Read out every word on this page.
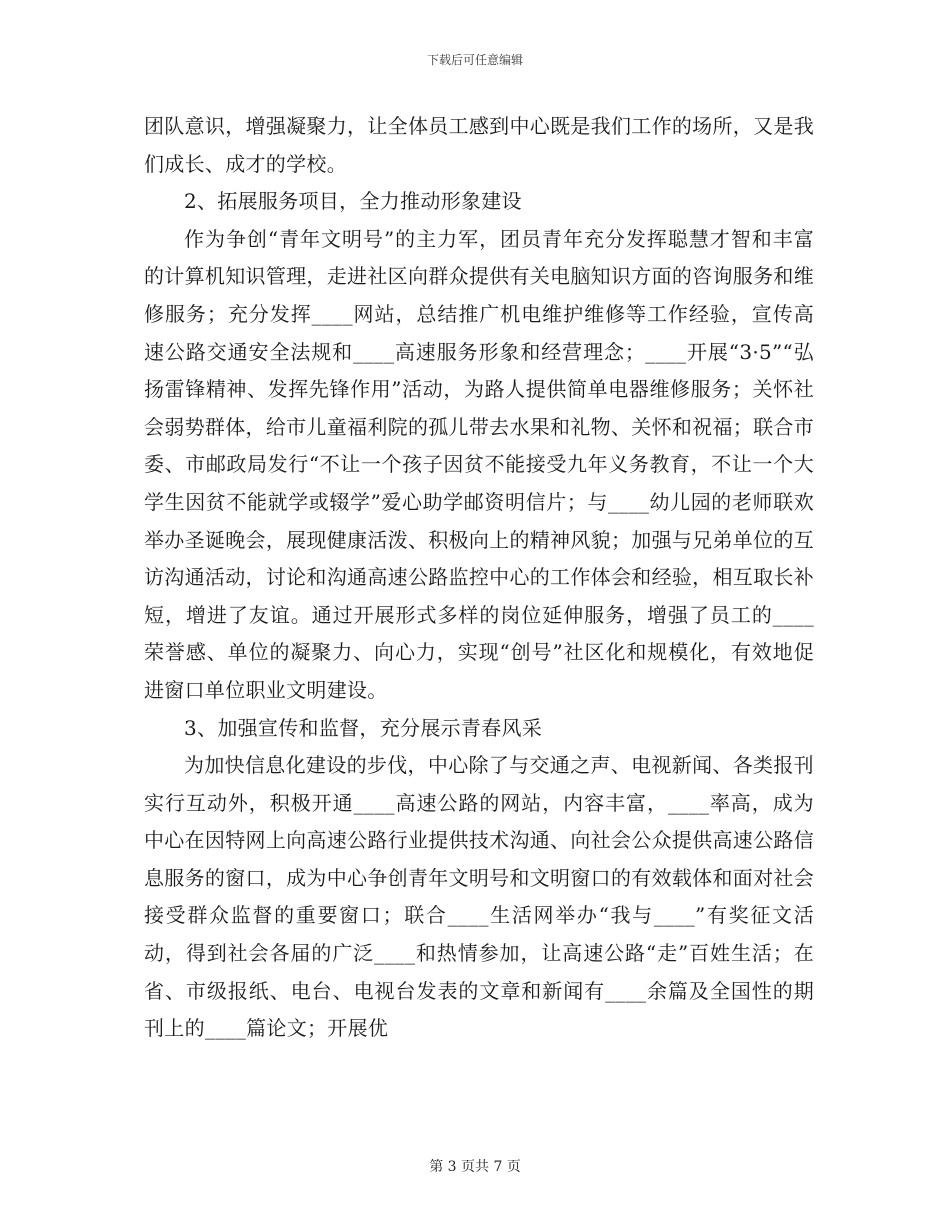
下载后可任意编辑

团队意识，增强凝聚力，让全体员工感到中心既是我们工作的场所，又是我们成长、成才的学校。

2、拓展服务项目，全力推动形象建设

作为争创“青年文明号”的主力军，团员青年充分发挥聪慧才智和丰富的计算机知识管理，走进社区向群众提供有关电脑知识方面的咨询服务和维修服务；充分发挥____网站，总结推广机电维护维修等工作经验，宣传高速公路交通安全法规和____高速服务形象和经营理念；____开展“3·5”“弘扬雷锋精神、发挥先锋作用”活动，为路人提供简单电器维修服务；关怀社会弱势群体，给市儿童福利院的孤儿带去水果和礼物、关怀和祝福；联合市委、市邮政局发行“不让一个孩子因贫不能接受九年义务教育，不让一个大学生因贫不能就学或辍学”爱心助学邮资明信片；与____幼儿园的老师联欢举办圣诞晚会，展现健康活泼、积极向上的精神风貌；加强与兄弟单位的互访沟通活动，讨论和沟通高速公路监控中心的工作体会和经验，相互取长补短，增进了友谊。通过开展形式多样的岗位延伸服务，增强了员工的____荣誉感、单位的凝聚力、向心力，实现“创号”社区化和规模化，有效地促进窗口单位职业文明建设。

3、加强宣传和监督，充分展示青春风采

为加快信息化建设的步伐，中心除了与交通之声、电视新闻、各类报刊实行互动外，积极开通____高速公路的网站，内容丰富，____率高，成为中心在因特网上向高速公路行业提供技术沟通、向社会公众提供高速公路信息服务的窗口，成为中心争创青年文明号和文明窗口的有效载体和面对社会接受群众监督的重要窗口；联合____生活网举办“我与____”有奖征文活动，得到社会各届的广泛____和热情参加，让高速公路“走”百姓生活；在省、市级报纸、电台、电视台发表的文章和新闻有____余篇及全国性的期刊上的____篇论文；开展优

第 3 页共 7 页
